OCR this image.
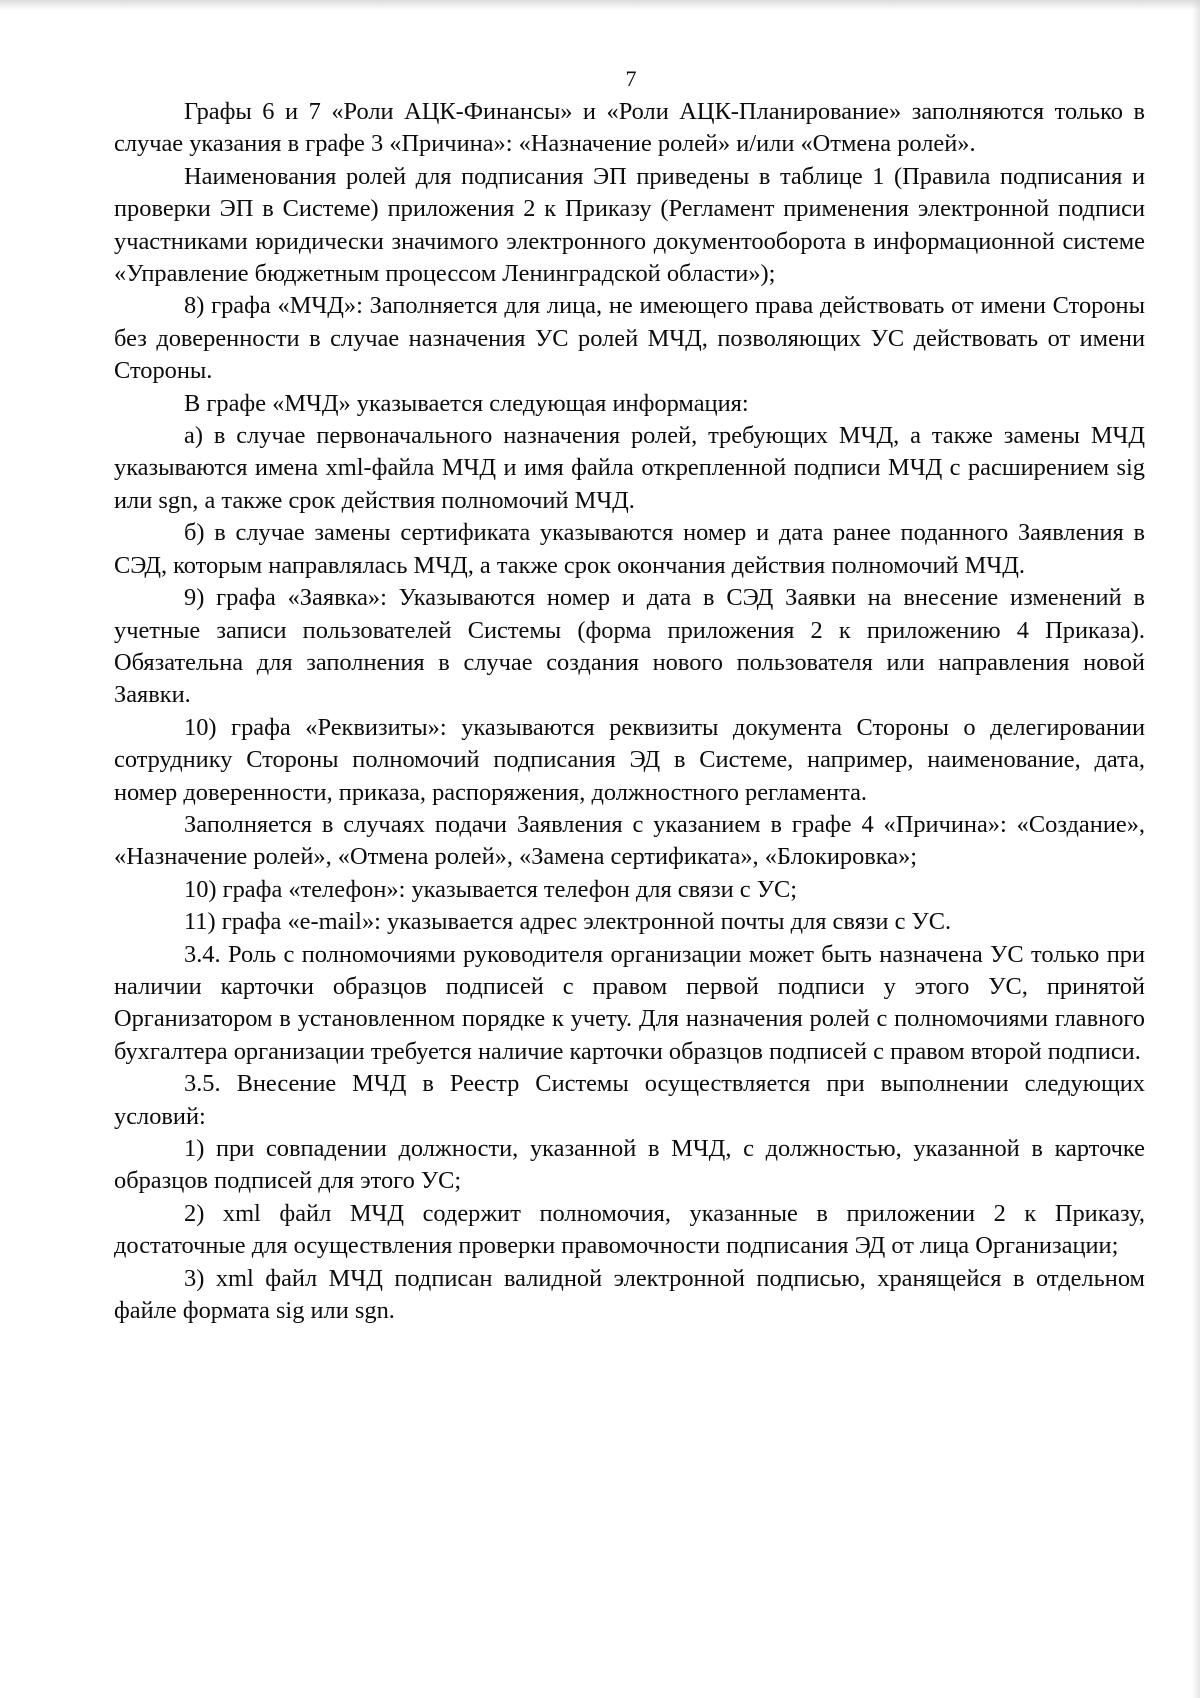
7

Графы 6 и 7 «Роли АЦК-Финансы» и «Роли АЦК-Планирование» заполняются только в случае указания в графе 3 «Причина»: «Назначение ролей» и/или «Отмена ролей».

Наименования ролей для подписания ЭП приведены в таблице 1 (Правила подписания и проверки ЭП в Системе) приложения 2 к Приказу (Регламент применения электронной подписи участниками юридически значимого электронного документооборота в информационной системе «Управление бюджетным процессом Ленинградской области»);

8) графа «МЧД»: Заполняется для лица, не имеющего права действовать от имени Стороны без доверенности в случае назначения УС ролей МЧД, позволяющих УС действовать от имени Стороны.

В графе «МЧД» указывается следующая информация:

а) в случае первоначального назначения ролей, требующих МЧД, а также замены МЧД указываются имена xml-файла МЧД и имя файла открепленной подписи МЧД с расширением sig или sgn, а также срок действия полномочий МЧД.

б) в случае замены сертификата указываются номер и дата ранее поданного Заявления в СЭД, которым направлялась МЧД, а также срок окончания действия полномочий МЧД.

9) графа «Заявка»: Указываются номер и дата в СЭД Заявки на внесение изменений в учетные записи пользователей Системы (форма приложения 2 к приложению 4 Приказа). Обязательна для заполнения в случае создания нового пользователя или направления новой Заявки.

10) графа «Реквизиты»: указываются реквизиты документа Стороны о делегировании сотруднику Стороны полномочий подписания ЭД в Системе, например, наименование, дата, номер доверенности, приказа, распоряжения, должностного регламента.

Заполняется в случаях подачи Заявления с указанием в графе 4 «Причина»: «Создание», «Назначение ролей», «Отмена ролей», «Замена сертификата», «Блокировка»;

10) графа «телефон»: указывается телефон для связи с УС;

11) графа «e-mail»: указывается адрес электронной почты для связи с УС.

3.4. Роль с полномочиями руководителя организации может быть назначена УС только при наличии карточки образцов подписей с правом первой подписи у этого УС, принятой Организатором в установленном порядке к учету. Для назначения ролей с полномочиями главного бухгалтера организации требуется наличие карточки образцов подписей с правом второй подписи.

3.5. Внесение МЧД в Реестр Системы осуществляется при выполнении следующих условий:

1) при совпадении должности, указанной в МЧД, с должностью, указанной в карточке образцов подписей для этого УС;

2) xml файл МЧД содержит полномочия, указанные в приложении 2 к Приказу, достаточные для осуществления проверки правомочности подписания ЭД от лица Организации;

3) xml файл МЧД подписан валидной электронной подписью, хранящейся в отдельном файле формата sig или sgn.
